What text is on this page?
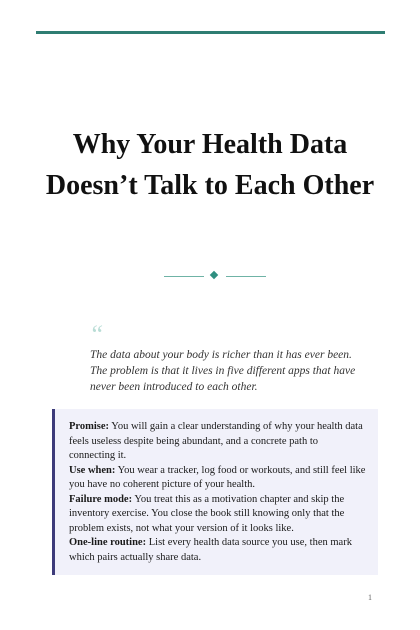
Why Your Health Data Doesn’t Talk to Each Other
“

The data about your body is richer than it has ever been. The problem is that it lives in five different apps that have never been introduced to each other.

Promise: You will gain a clear understanding of why your health data feels useless despite being abundant, and a concrete path to connecting it.

Use when: You wear a tracker, log food or workouts, and still feel like you have no coherent picture of your health.

Failure mode: You treat this as a motivation chapter and skip the inventory exercise. You close the book still knowing only that the problem exists, not what your version of it looks like.

One-line routine: List every health data source you use, then mark which pairs actually share data.

1
